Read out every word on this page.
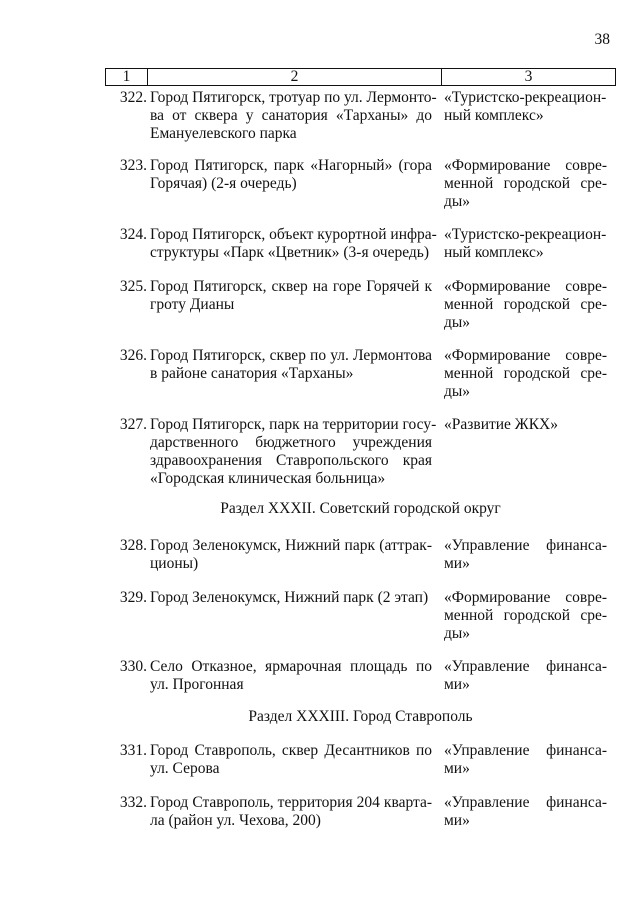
38
1	2	3
322. Город Пятигорск, тротуар по ул. Лермонто-
ва от сквера у санатория «Тарханы» до
Емануелевского парка
«Туристско-рекреацион-
ный комплекс»
323. Город Пятигорск, парк «Нагорный» (гора
Горячая) (2-я очередь)
«Формирование совре-
менной городской сре-
ды»
324. Город Пятигорск, объект курортной инфра-
структуры «Парк «Цветник» (3-я очередь)
«Туристско-рекреацион-
ный комплекс»
325. Город Пятигорск, сквер на горе Горячей к
гроту Дианы
«Формирование совре-
менной городской сре-
ды»
326. Город Пятигорск, сквер по ул. Лермонтова
в районе санатория «Тарханы»
«Формирование совре-
менной городской сре-
ды»
327. Город Пятигорск, парк на территории госу-
дарственного бюджетного учреждения
здравоохранения Ставропольского края
«Городская клиническая больница»
«Развитие ЖКХ»
Раздел XXXII. Советский городской округ
328. Город Зеленокумск, Нижний парк (аттрак-
ционы)
«Управление финанса-
ми»
329. Город Зеленокумск, Нижний парк (2 этап) «Формирование совре-
менной городской сре-
ды»
330. Село Отказное, ярмарочная площадь по
ул. Прогонная
«Управление финанса-
ми»
Раздел XXXIII. Город Ставрополь
331. Город Ставрополь, сквер Десантников по
ул. Серова
«Управление финанса-
ми»
332. Город Ставрополь, территория 204 кварта-
ла (район ул. Чехова, 200)
«Управление финанса-
ми»
